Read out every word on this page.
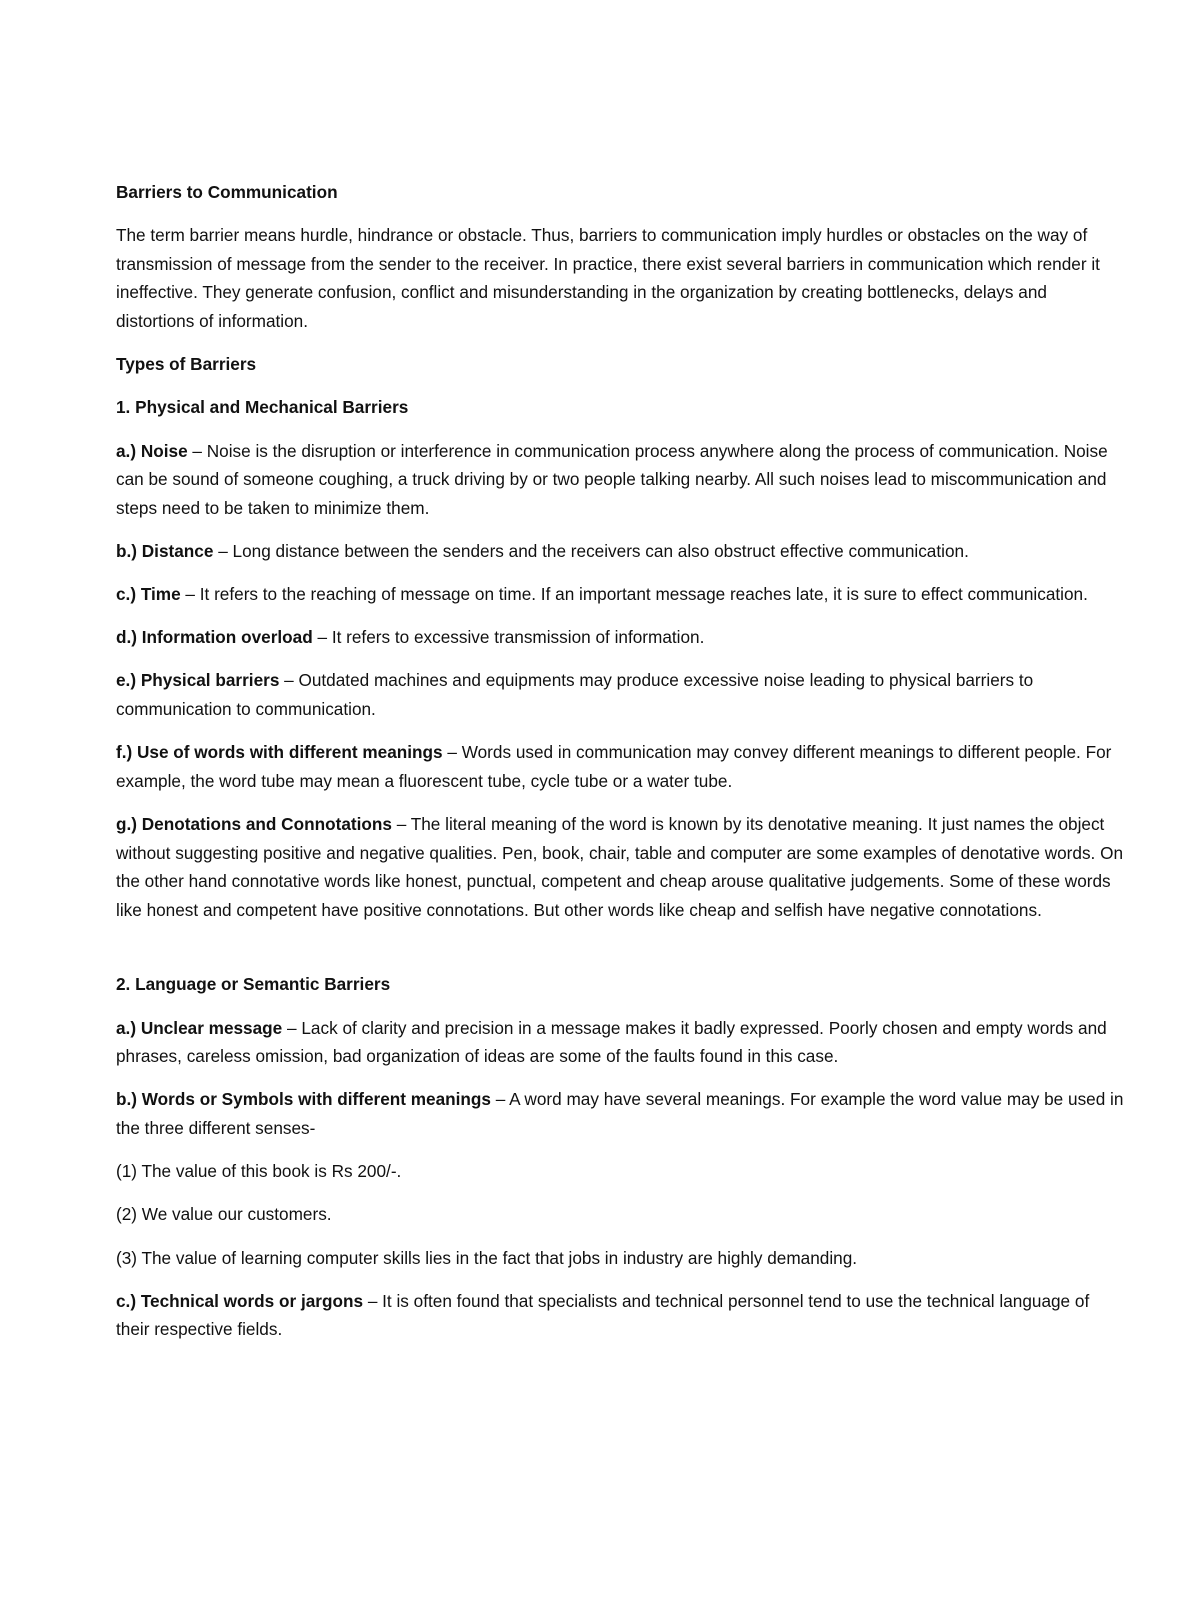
Barriers to Communication

The term barrier means hurdle, hindrance or obstacle. Thus, barriers to communication imply hurdles or obstacles on the way of transmission of message from the sender to the receiver. In practice, there exist several barriers in communication which render it ineffective. They generate confusion, conflict and misunderstanding in the organization by creating bottlenecks, delays and distortions of information.

Types of Barriers

1. Physical and Mechanical Barriers

a.) Noise – Noise is the disruption or interference in communication process anywhere along the process of communication. Noise can be sound of someone coughing, a truck driving by or two people talking nearby. All such noises lead to miscommunication and steps need to be taken to minimize them.

b.) Distance – Long distance between the senders and the receivers can also obstruct effective communication.

c.) Time – It refers to the reaching of message on time. If an important message reaches late, it is sure to effect communication.

d.) Information overload – It refers to excessive transmission of information.

e.) Physical barriers – Outdated machines and equipments may produce excessive noise leading to physical barriers to communication to communication.

f.) Use of words with different meanings – Words used in communication may convey different meanings to different people. For example, the word tube may mean a fluorescent tube, cycle tube or a water tube.

g.) Denotations and Connotations – The literal meaning of the word is known by its denotative meaning. It just names the object without suggesting positive and negative qualities. Pen, book, chair, table and computer are some examples of denotative words. On the other hand connotative words like honest, punctual, competent and cheap arouse qualitative judgements. Some of these words like honest and competent have positive connotations. But other words like cheap and selfish have negative connotations.

2. Language or Semantic Barriers

a.) Unclear message – Lack of clarity and precision in a message makes it badly expressed. Poorly chosen and empty words and phrases, careless omission, bad organization of ideas are some of the faults found in this case.

b.) Words or Symbols with different meanings – A word may have several meanings. For example the word value may be used in the three different senses-

(1) The value of this book is Rs 200/-.

(2) We value our customers.

(3) The value of learning computer skills lies in the fact that jobs in industry are highly demanding.

c.) Technical words or jargons – It is often found that specialists and technical personnel tend to use the technical language of their respective fields.
